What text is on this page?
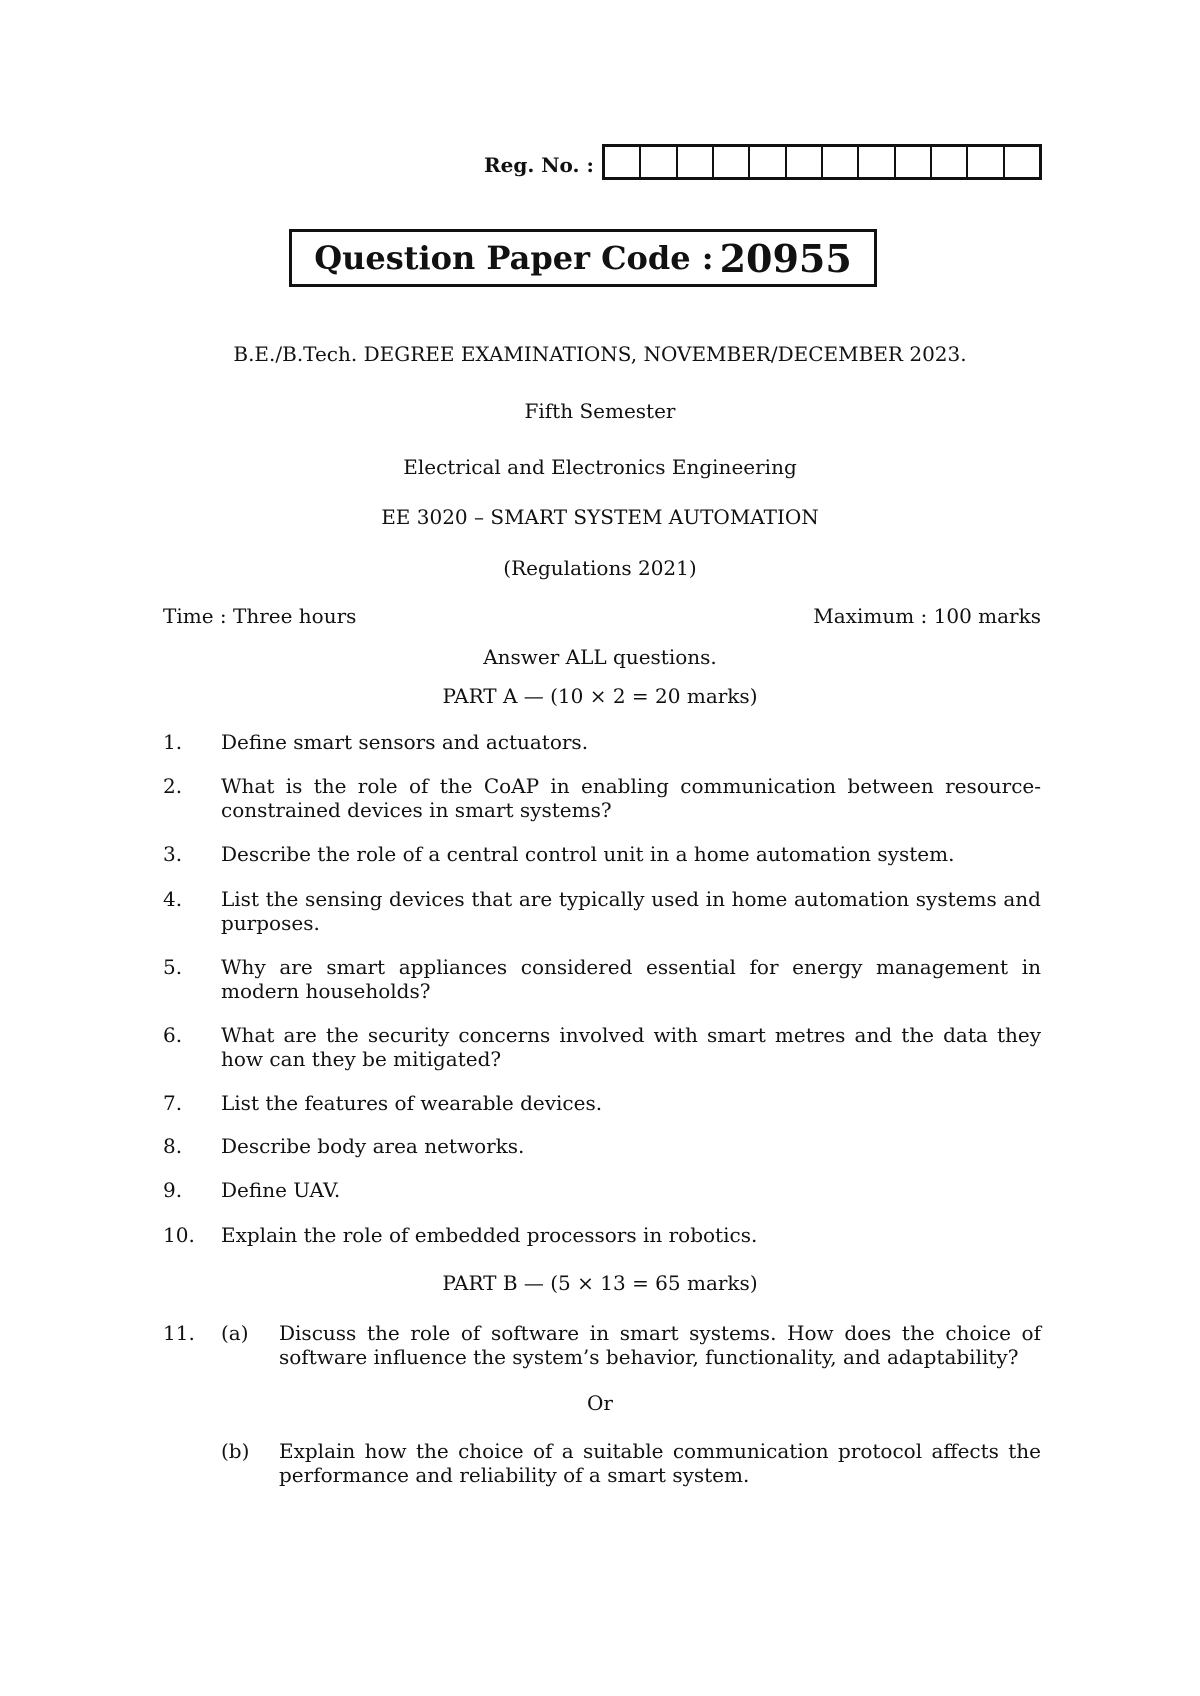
Reg. No. :
Question Paper Code : 20955
B.E./B.Tech. DEGREE EXAMINATIONS, NOVEMBER/DECEMBER 2023.
Fifth Semester
Electrical and Electronics Engineering
EE 3020 – SMART SYSTEM AUTOMATION
(Regulations 2021)
Time : Three hours	Maximum : 100 marks
Answer ALL questions.
PART A — (10 × 2 = 20 marks)
1. Define smart sensors and actuators.
2. What is the role of the CoAP in enabling communication between resource-constrained devices in smart systems?
3. Describe the role of a central control unit in a home automation system.
4. List the sensing devices that are typically used in home automation systems and purposes.
5. Why are smart appliances considered essential for energy management in modern households?
6. What are the security concerns involved with smart metres and the data they how can they be mitigated?
7. List the features of wearable devices.
8. Describe body area networks.
9. Define UAV.
10. Explain the role of embedded processors in robotics.
PART B — (5 × 13 = 65 marks)
11. (a) Discuss the role of software in smart systems. How does the choice of software influence the system’s behavior, functionality, and adaptability?
Or
(b) Explain how the choice of a suitable communication protocol affects the performance and reliability of a smart system.
